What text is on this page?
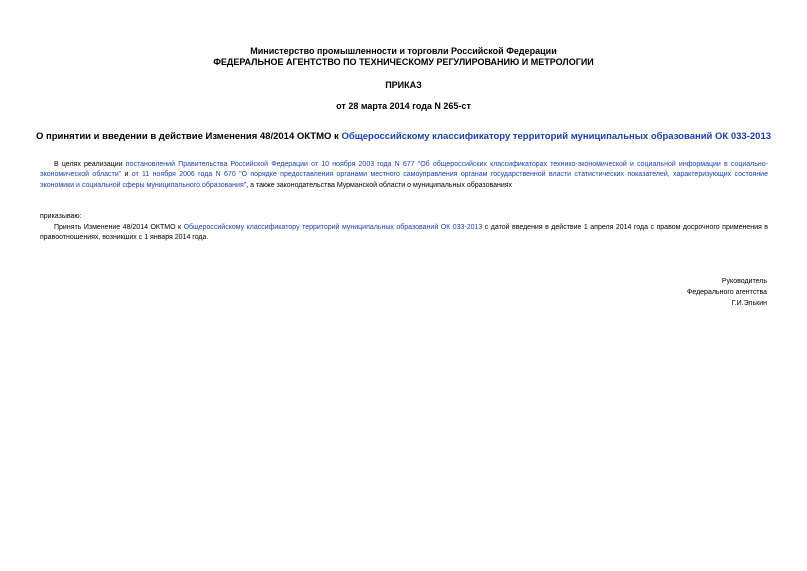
Министерство промышленности и торговли Российской Федерации
ФЕДЕРАЛЬНОЕ АГЕНТСТВО ПО ТЕХНИЧЕСКОМУ РЕГУЛИРОВАНИЮ И МЕТРОЛОГИИ
ПРИКАЗ
от 28 марта 2014 года N 265-ст
О принятии и введении в действие Изменения 48/2014 ОКТМО к Общероссийскому классификатору территорий муниципальных образований ОК 033-2013
В целях реализации постановлений Правительства Российской Федерации от 10 ноября 2003 года N 677 "Об общероссийских классификаторах технико-экономической и социальной информации в социально-экономической области" и от 11 ноября 2006 года N 670 "О порядке предоставления органами местного самоуправления органам государственной власти статистических показателей, характеризующих состояние экономики и социальной сферы муниципального образования", а также законодательства Мурманской области о муниципальных образованиях
приказываю:
Принять Изменение 48/2014 ОКТМО к Общероссийскому классификатору территорий муниципальных образований ОК 033-2013 с датой введения в действие 1 апреля 2014 года с правом досрочного применения в правоотношениях, возникших с 1 января 2014 года.
Руководитель
Федерального агентства
Г.И.Элькин
